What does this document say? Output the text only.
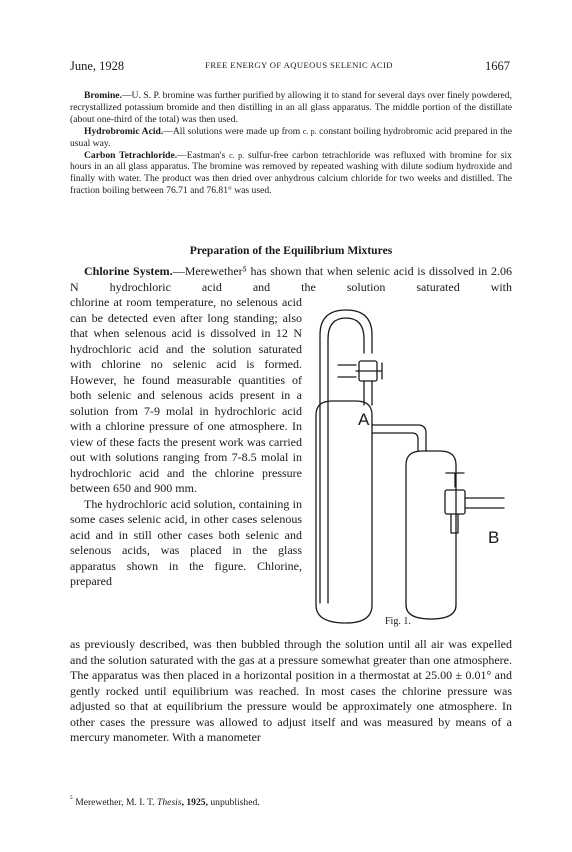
June, 1928	FREE ENERGY OF AQUEOUS SELENIC ACID	1667

Bromine.—U. S. P. bromine was further purified by allowing it to stand for several days over finely powdered, recrystallized potassium bromide and then distilling in an all glass apparatus. The middle portion of the distillate (about one-third of the total) was then used.

Hydrobromic Acid.—All solutions were made up from c. p. constant boiling hydrobromic acid prepared in the usual way.

Carbon Tetrachloride.—Eastman's c. p. sulfur-free carbon tetrachloride was refluxed with bromine for six hours in an all glass apparatus. The bromine was removed by repeated washing with dilute sodium hydroxide and finally with water. The product was then dried over anhydrous calcium chloride for two weeks and distilled. The fraction boiling between 76.71 and 76.81° was used.

Preparation of the Equilibrium Mixtures

Chlorine System.—Merewether⁵ has shown that when selenic acid is dissolved in 2.06 N hydrochloric acid and the solution saturated with

chlorine at room temperature, no selenous acid can be detected even after long standing; also that when selenous acid is dissolved in 12 N hydrochloric acid and the solution saturated with chlorine no selenic acid is formed. However, he found measurable quantities of both selenic and selenous acids present in a solution from 7-9 molal in hydrochloric acid with a chlorine pressure of one atmosphere. In view of these facts the present work was carried out with solutions ranging from 7-8.5 molal in hydrochloric acid and the chlorine pressure between 650 and 900 mm.

The hydrochloric acid solution, containing in some cases selenic acid, in other cases selenous acid and in still other cases both selenic and selenous acids, was placed in the glass apparatus shown in the figure. Chlorine, prepared

A
B
Fig. 1.

as previously described, was then bubbled through the solution until all air was expelled and the solution saturated with the gas at a pressure somewhat greater than one atmosphere. The apparatus was then placed in a horizontal position in a thermostat at 25.00 ± 0.01° and gently rocked until equilibrium was reached. In most cases the chlorine pressure was adjusted so that at equilibrium the pressure would be approximately one atmosphere. In other cases the pressure was allowed to adjust itself and was measured by means of a mercury manometer. With a manometer

$^{^5}$ Merewether, M. I. T. Thesis, 1925, unpublished.
